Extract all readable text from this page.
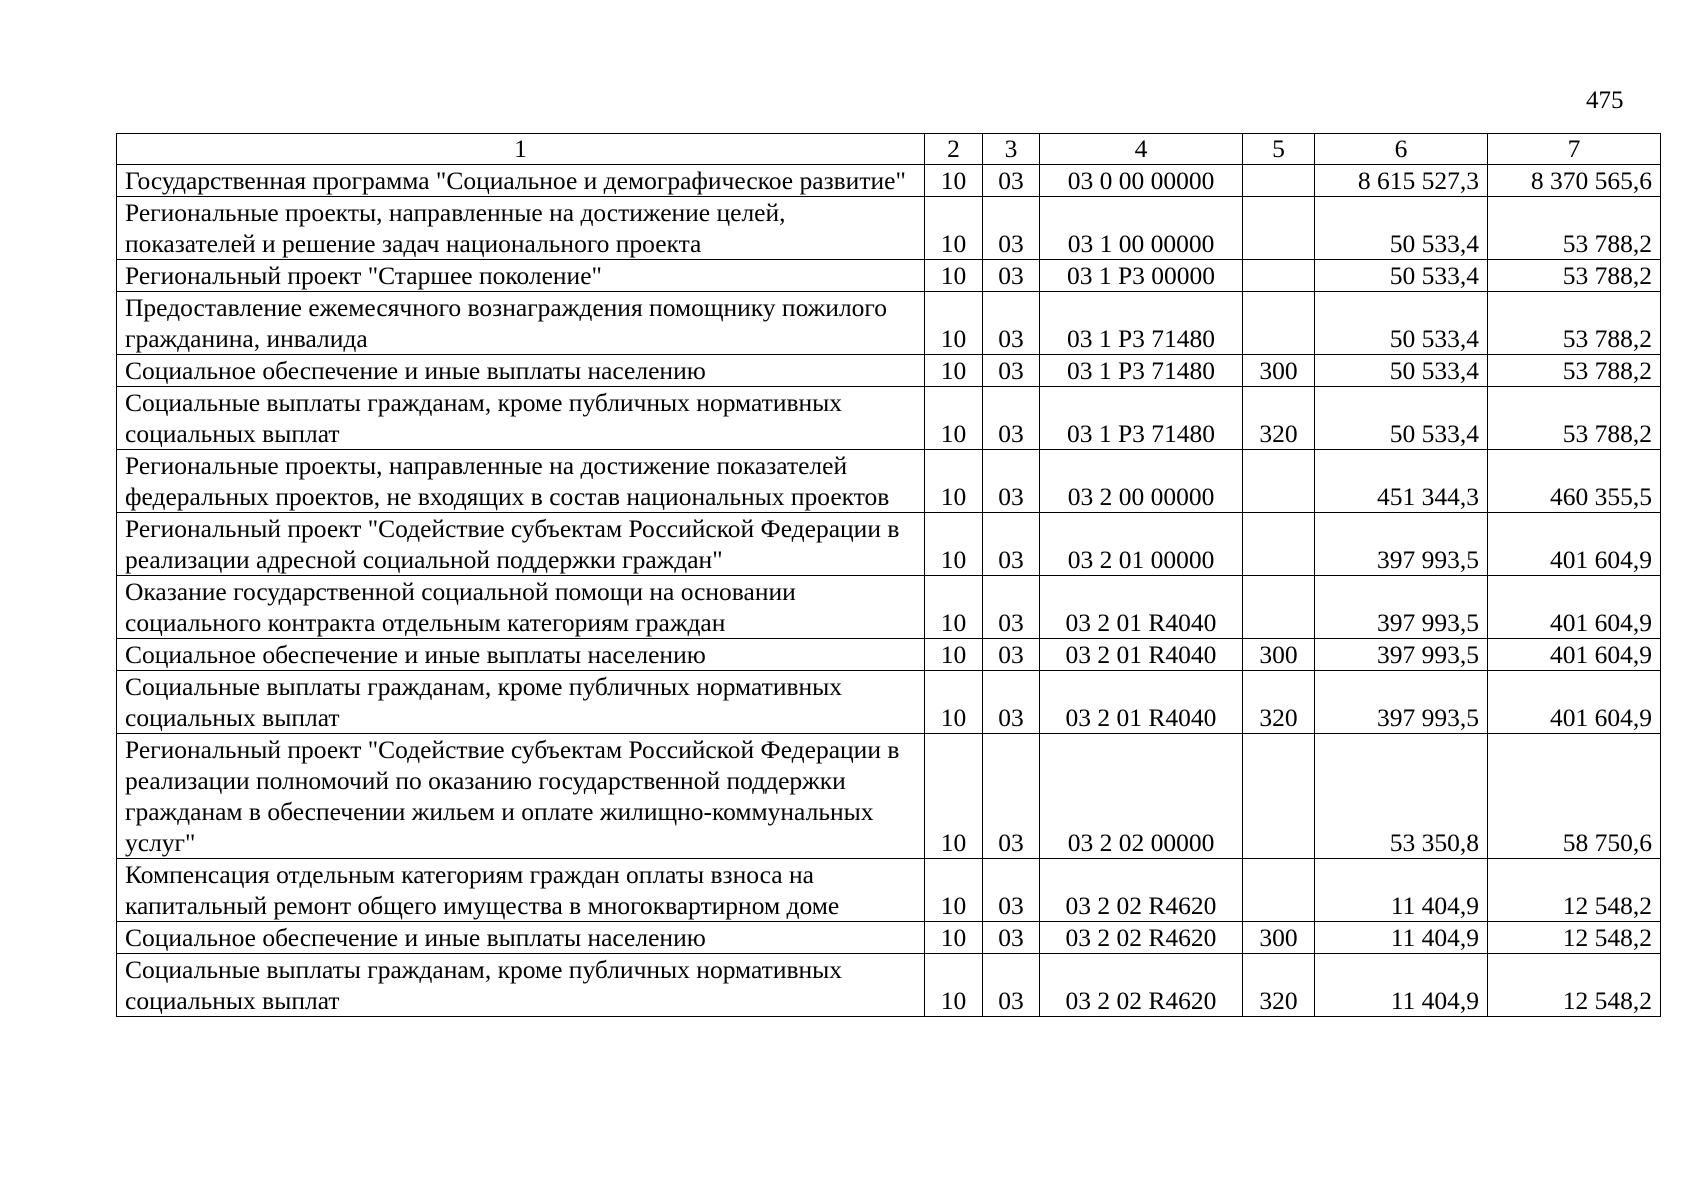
475
1	2	3	4	5	6	7
Государственная программа "Социальное и демографическое развитие"	10	03	03 0 00 00000		8 615 527,3	8 370 565,6
Региональные проекты, направленные на достижение целей, показателей и решение задач национального проекта	10	03	03 1 00 00000		50 533,4	53 788,2
Региональный проект "Старшее поколение"	10	03	03 1 Р3 00000		50 533,4	53 788,2
Предоставление ежемесячного вознаграждения помощнику пожилого гражданина, инвалида	10	03	03 1 Р3 71480		50 533,4	53 788,2
Социальное обеспечение и иные выплаты населению	10	03	03 1 Р3 71480	300	50 533,4	53 788,2
Социальные выплаты гражданам, кроме публичных нормативных социальных выплат	10	03	03 1 Р3 71480	320	50 533,4	53 788,2
Региональные проекты, направленные на достижение показателей федеральных проектов, не входящих в состав национальных проектов	10	03	03 2 00 00000		451 344,3	460 355,5
Региональный проект "Содействие субъектам Российской Федерации в реализации адресной социальной поддержки граждан"	10	03	03 2 01 00000		397 993,5	401 604,9
Оказание государственной социальной помощи на основании социального контракта отдельным категориям граждан	10	03	03 2 01 R4040		397 993,5	401 604,9
Социальное обеспечение и иные выплаты населению	10	03	03 2 01 R4040	300	397 993,5	401 604,9
Социальные выплаты гражданам, кроме публичных нормативных социальных выплат	10	03	03 2 01 R4040	320	397 993,5	401 604,9
Региональный проект "Содействие субъектам Российской Федерации в реализации полномочий по оказанию государственной поддержки гражданам в обеспечении жильем и оплате жилищно-коммунальных услуг"	10	03	03 2 02 00000		53 350,8	58 750,6
Компенсация отдельным категориям граждан оплаты взноса на капитальный ремонт общего имущества в многоквартирном доме	10	03	03 2 02 R4620		11 404,9	12 548,2
Социальное обеспечение и иные выплаты населению	10	03	03 2 02 R4620	300	11 404,9	12 548,2
Социальные выплаты гражданам, кроме публичных нормативных социальных выплат	10	03	03 2 02 R4620	320	11 404,9	12 548,2
